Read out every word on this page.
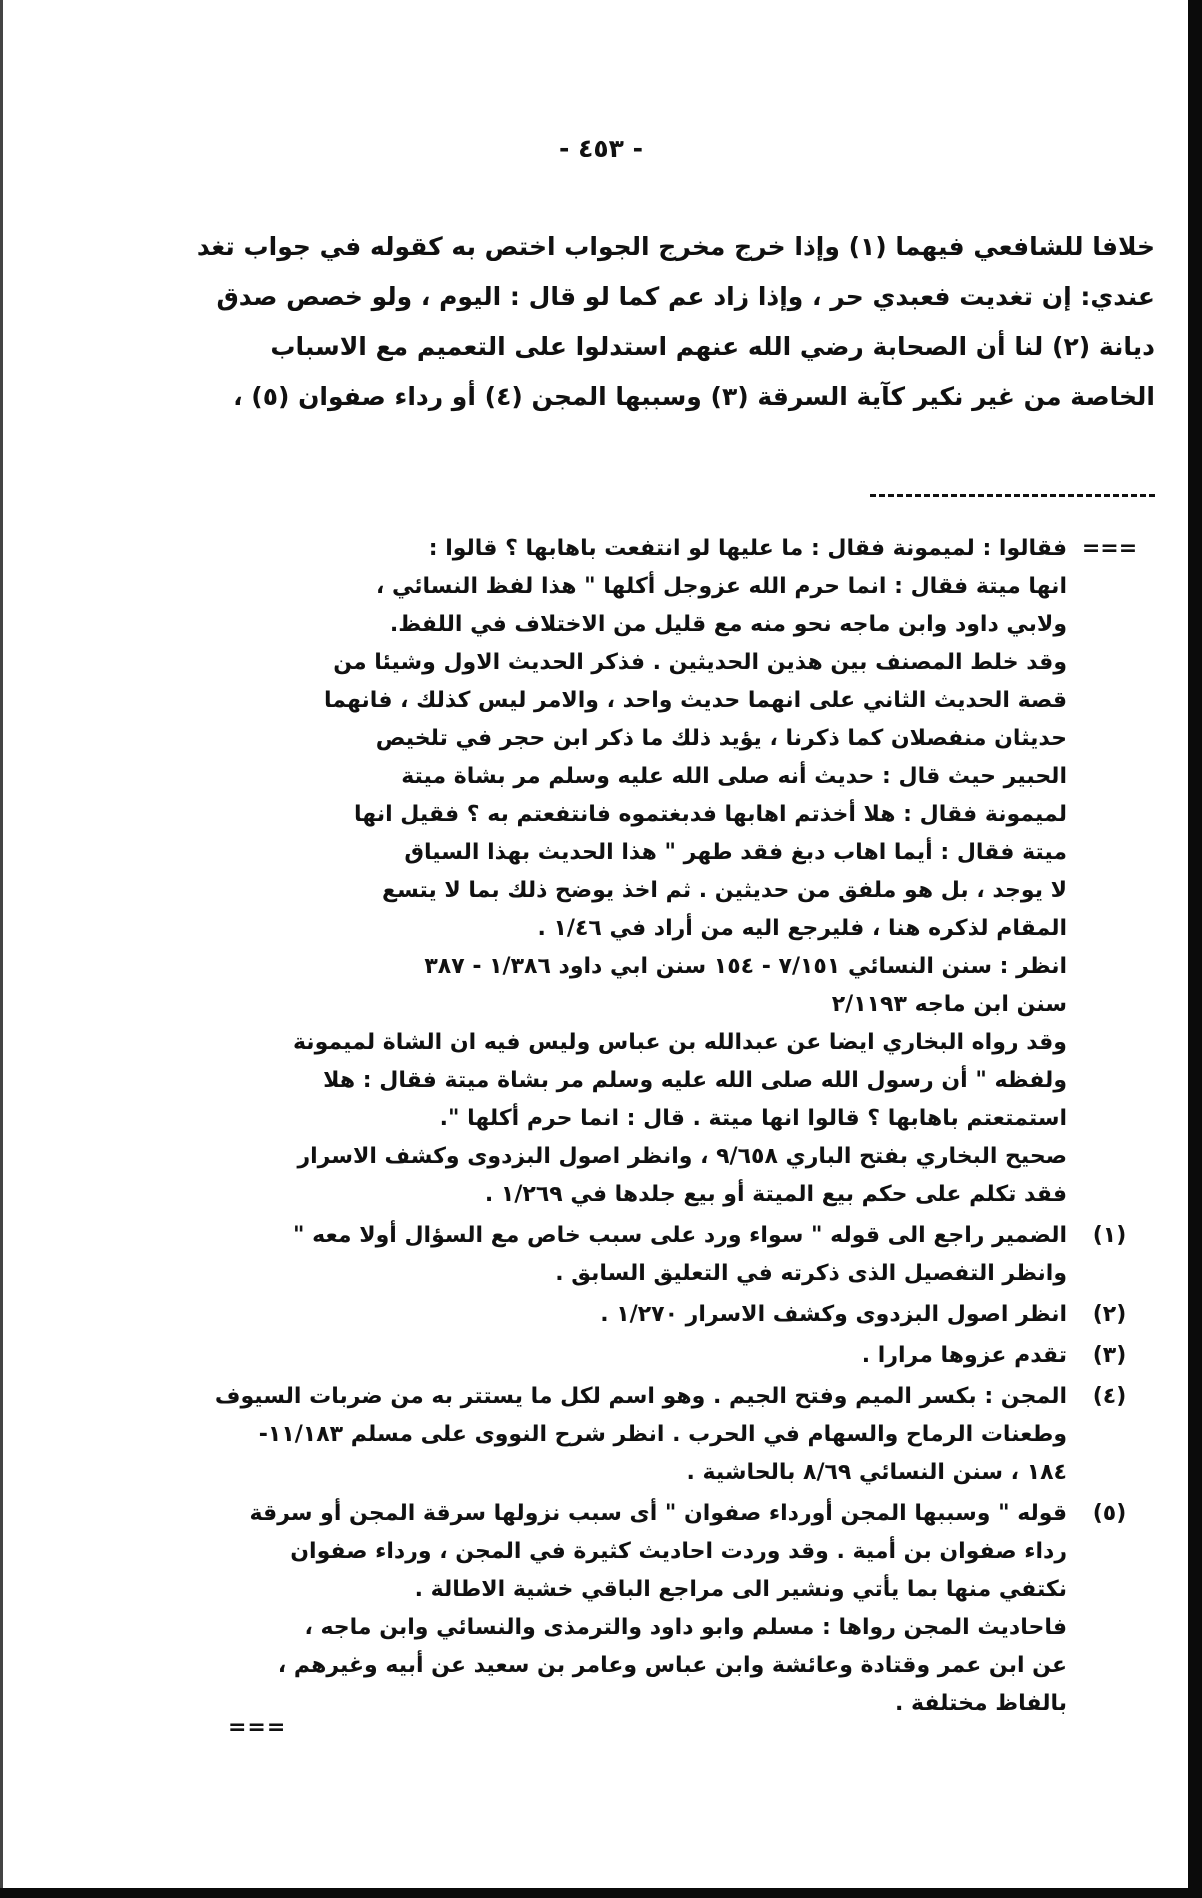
- ٤٥٣ -

خلافا للشافعي فيهما (١) وإذا خرج مخرج الجواب اختص به كقوله في جواب تغد

عندي: إن تغديت فعبدي حر ، وإذا زاد عم كما لو قال : اليوم ، ولو خصص صدق

ديانة (٢) لنا أن الصحابة رضي الله عنهم استدلوا على التعميم مع الاسباب

الخاصة من غير نكير كآية السرقة (٣) وسببها المجن (٤) أو رداء صفوان (٥) ،

===

فقالوا : لميمونة فقال : ما عليها لو انتفعت باهابها ؟ قالوا :

انها ميتة فقال : انما حرم الله عزوجل أكلها " هذا لفظ النسائي ،

ولابي داود وابن ماجه نحو منه مع قليل من الاختلاف في اللفظ.

وقد خلط المصنف بين هذين الحديثين . فذكر الحديث الاول وشيئا من

قصة الحديث الثاني على انهما حديث واحد ، والامر ليس كذلك ، فانهما

حديثان منفصلان كما ذكرنا ، يؤيد ذلك ما ذكر ابن حجر في تلخيص

الحبير حيث قال : حديث أنه صلى الله عليه وسلم مر بشاة ميتة

لميمونة فقال : هلا أخذتم اهابها فدبغتموه فانتفعتم به ؟ فقيل انها

ميتة فقال : أيما اهاب دبغ فقد طهر " هذا الحديث بهذا السياق

لا يوجد ، بل هو ملفق من حديثين . ثم اخذ يوضح ذلك بما لا يتسع

المقام لذكره هنا ، فليرجع اليه من أراد في ١/٤٦ .

انظر : سنن النسائي ٧/١٥١ - ١٥٤ سنن ابي داود ١/٣٨٦ - ٣٨٧

سنن ابن ماجه ٢/١١٩٣

وقد رواه البخاري ايضا عن عبدالله بن عباس وليس فيه ان الشاة لميمونة

ولفظه " أن رسول الله صلى الله عليه وسلم مر بشاة ميتة فقال : هلا

استمتعتم باهابها ؟ قالوا انها ميتة . قال : انما حرم أكلها ".

صحيح البخاري بفتح الباري ٩/٦٥٨ ، وانظر اصول البزدوى وكشف الاسرار

فقد تكلم على حكم بيع الميتة أو بيع جلدها في ١/٢٦٩ .

(١)

الضمير راجع الى قوله " سواء ورد على سبب خاص مع السؤال أولا معه "

وانظر التفصيل الذى ذكرته في التعليق السابق .

(٢)

انظر اصول البزدوى وكشف الاسرار ١/٢٧٠ .

(٣)

تقدم عزوها مرارا .

(٤)

المجن : بكسر الميم وفتح الجيم . وهو اسم لكل ما يستتر به من ضربات السيوف

وطعنات الرماح والسهام في الحرب . انظر شرح النووى على مسلم ١١/١٨٣-

١٨٤ ، سنن النسائي ٨/٦٩ بالحاشية .

(٥)

قوله " وسببها المجن أورداء صفوان " أى سبب نزولها سرقة المجن أو سرقة

رداء صفوان بن أمية . وقد وردت احاديث كثيرة في المجن ، ورداء صفوان

نكتفي منها بما يأتي ونشير الى مراجع الباقي خشية الاطالة .

فاحاديث المجن رواها : مسلم وابو داود والترمذى والنسائي وابن ماجه ،

عن ابن عمر وقتادة وعائشة وابن عباس وعامر بن سعيد عن أبيه وغيرهم ،

بالفاظ مختلفة .

===
